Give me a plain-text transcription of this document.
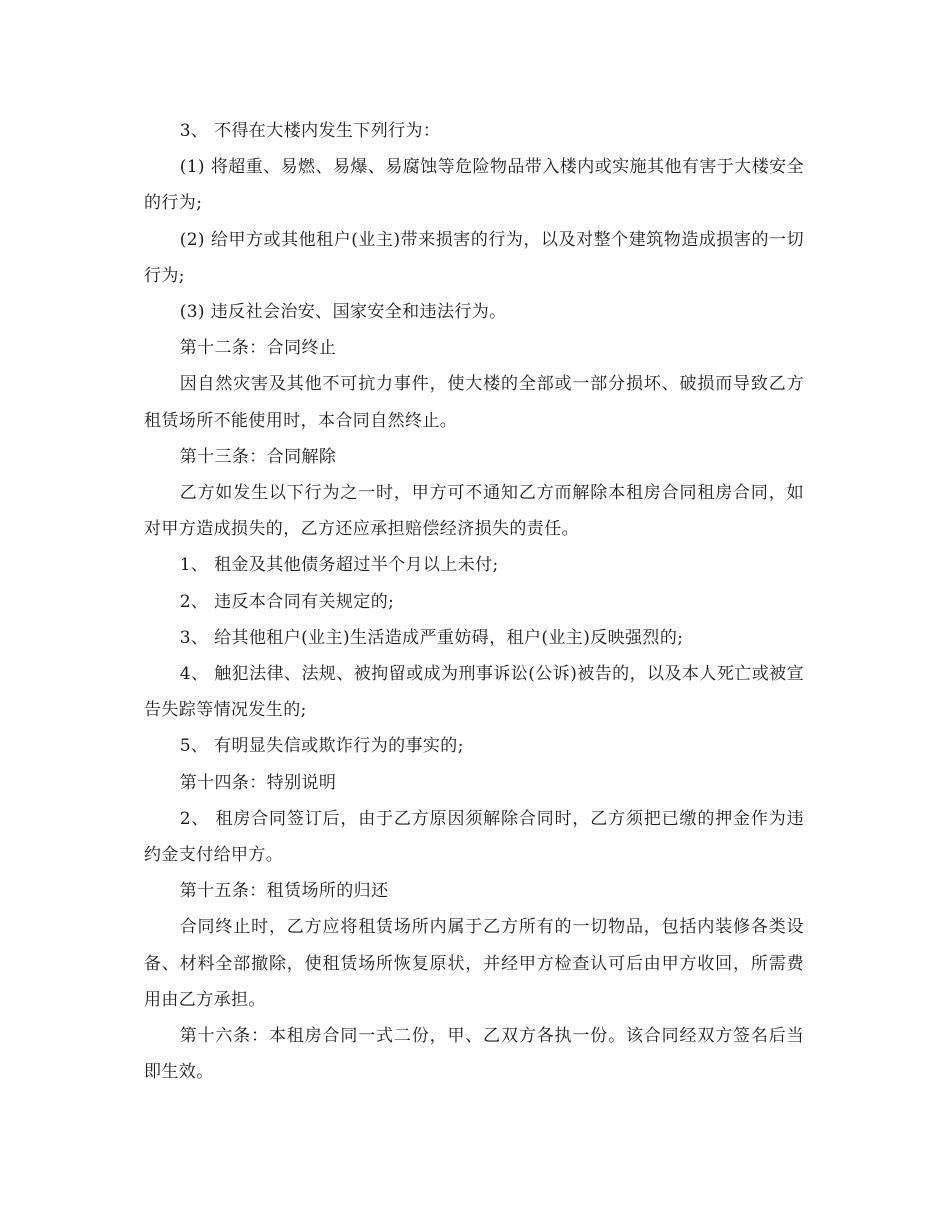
3、 不得在大楼内发生下列行为：

(1) 将超重、易燃、易爆、易腐蚀等危险物品带入楼内或实施其他有害于大楼安全的行为;

(2) 给甲方或其他租户(业主)带来损害的行为，以及对整个建筑物造成损害的一切行为;

(3) 违反社会治安、国家安全和违法行为。

第十二条：合同终止

因自然灾害及其他不可抗力事件，使大楼的全部或一部分损坏、破损而导致乙方租赁场所不能使用时，本合同自然终止。

第十三条：合同解除

乙方如发生以下行为之一时，甲方可不通知乙方而解除本租房合同租房合同，如对甲方造成损失的，乙方还应承担赔偿经济损失的责任。

1、 租金及其他债务超过半个月以上未付;

2、 违反本合同有关规定的;

3、 给其他租户(业主)生活造成严重妨碍，租户(业主)反映强烈的;

4、 触犯法律、法规、被拘留或成为刑事诉讼(公诉)被告的，以及本人死亡或被宣告失踪等情况发生的;

5、 有明显失信或欺诈行为的事实的;

第十四条：特别说明

2、 租房合同签订后，由于乙方原因须解除合同时，乙方须把已缴的押金作为违约金支付给甲方。

第十五条：租赁场所的归还

合同终止时，乙方应将租赁场所内属于乙方所有的一切物品，包括内装修各类设备、材料全部撤除，使租赁场所恢复原状，并经甲方检查认可后由甲方收回，所需费用由乙方承担。

第十六条：本租房合同一式二份，甲、乙双方各执一份。该合同经双方签名后当即生效。
